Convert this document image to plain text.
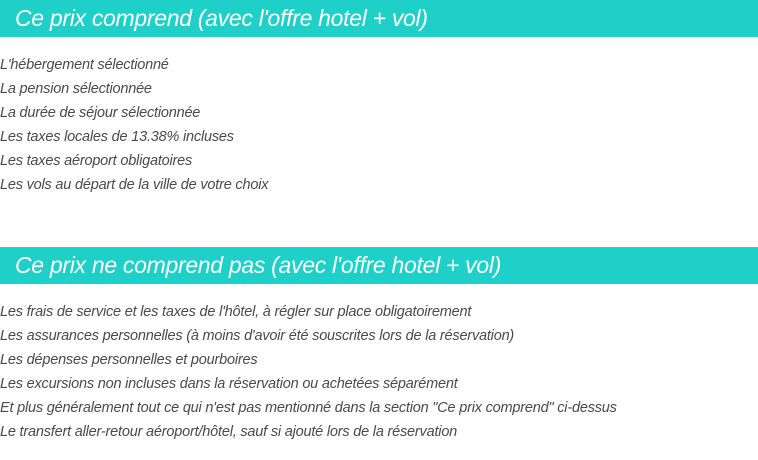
Ce prix comprend (avec l'offre hotel + vol)
L'hébergement sélectionné
La pension sélectionnée
La durée de séjour sélectionnée
Les taxes locales de 13.38% incluses
Les taxes aéroport obligatoires
Les vols au départ de la ville de votre choix
Ce prix ne comprend pas (avec l'offre hotel + vol)
Les frais de service et les taxes de l'hôtel, à régler sur place obligatoirement
Les assurances personnelles (à moins d'avoir été souscrites lors de la réservation)
Les dépenses personnelles et pourboires
Les excursions non incluses dans la réservation ou achetées séparément
Et plus généralement tout ce qui n'est pas mentionné dans la section "Ce prix comprend" ci-dessus
Le transfert aller-retour aéroport/hôtel, sauf si ajouté lors de la réservation
